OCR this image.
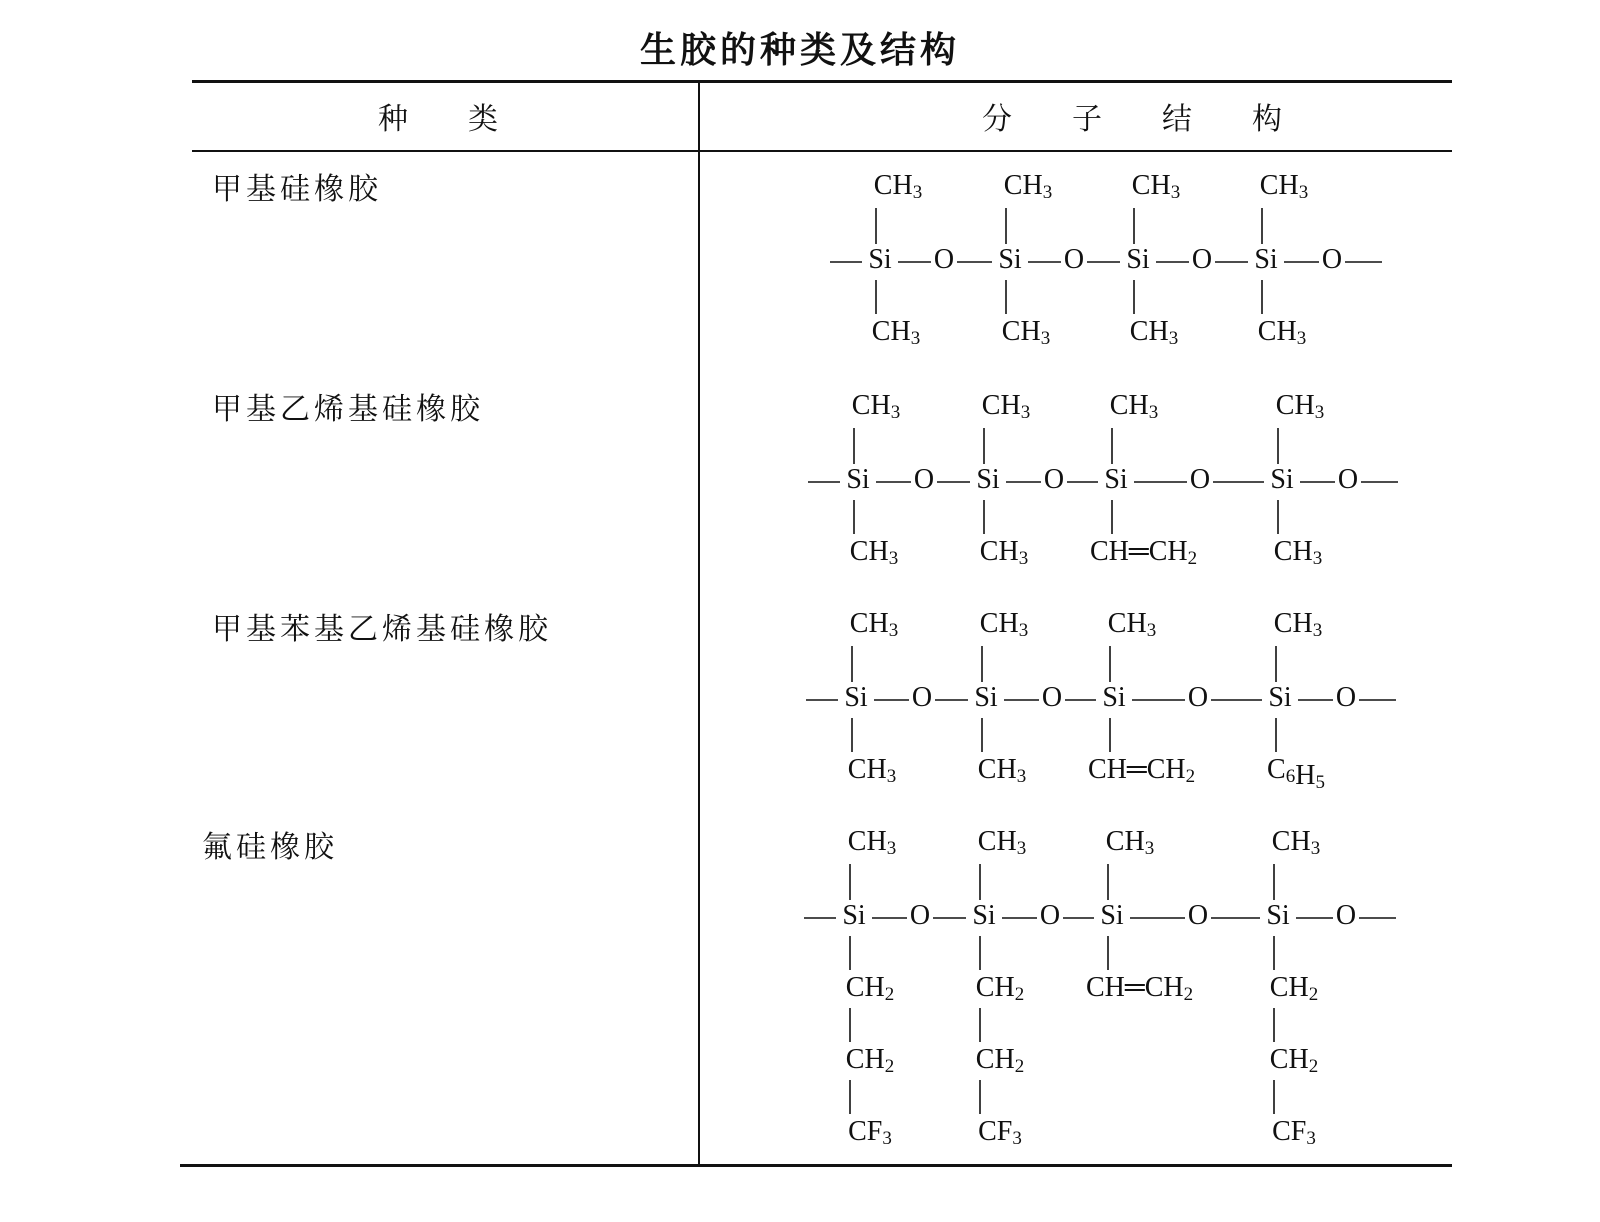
生胶的种类及结构
种类	分子结构
甲基硅橡胶
甲基乙烯基硅橡胶
甲基苯基乙烯基硅橡胶
氟硅橡胶
Si O
$CH_3$
$CH_3$
Si O
$CH_3$
$CH_3$
Si O
$CH_3$
$CH_3$
Si O
$CH_3$
$CH_3$
Si O
$CH_3$
$CH_3$
Si O
$CH_3$
$CH_3$
Si O
$CH_3$
$CH═CH_2$
Si O
$CH_3$
$CH_3$
Si O
$CH_3$
$CH_3$
Si O
$CH_3$
$CH_3$
Si O
$CH_3$
$CH═CH_2$
Si O
$CH_3$
$C_6H_5$
Si O
$CH_3$
$CH_2$
$CH_2$
$CF_3$
Si O
$CH_3$
$CH_2$
$CH_2$
$CF_3$
Si O
$CH_3$
$CH═CH_2$
Si O
$CH_3$
$CH_2$
$CH_2$
$CF_3$
